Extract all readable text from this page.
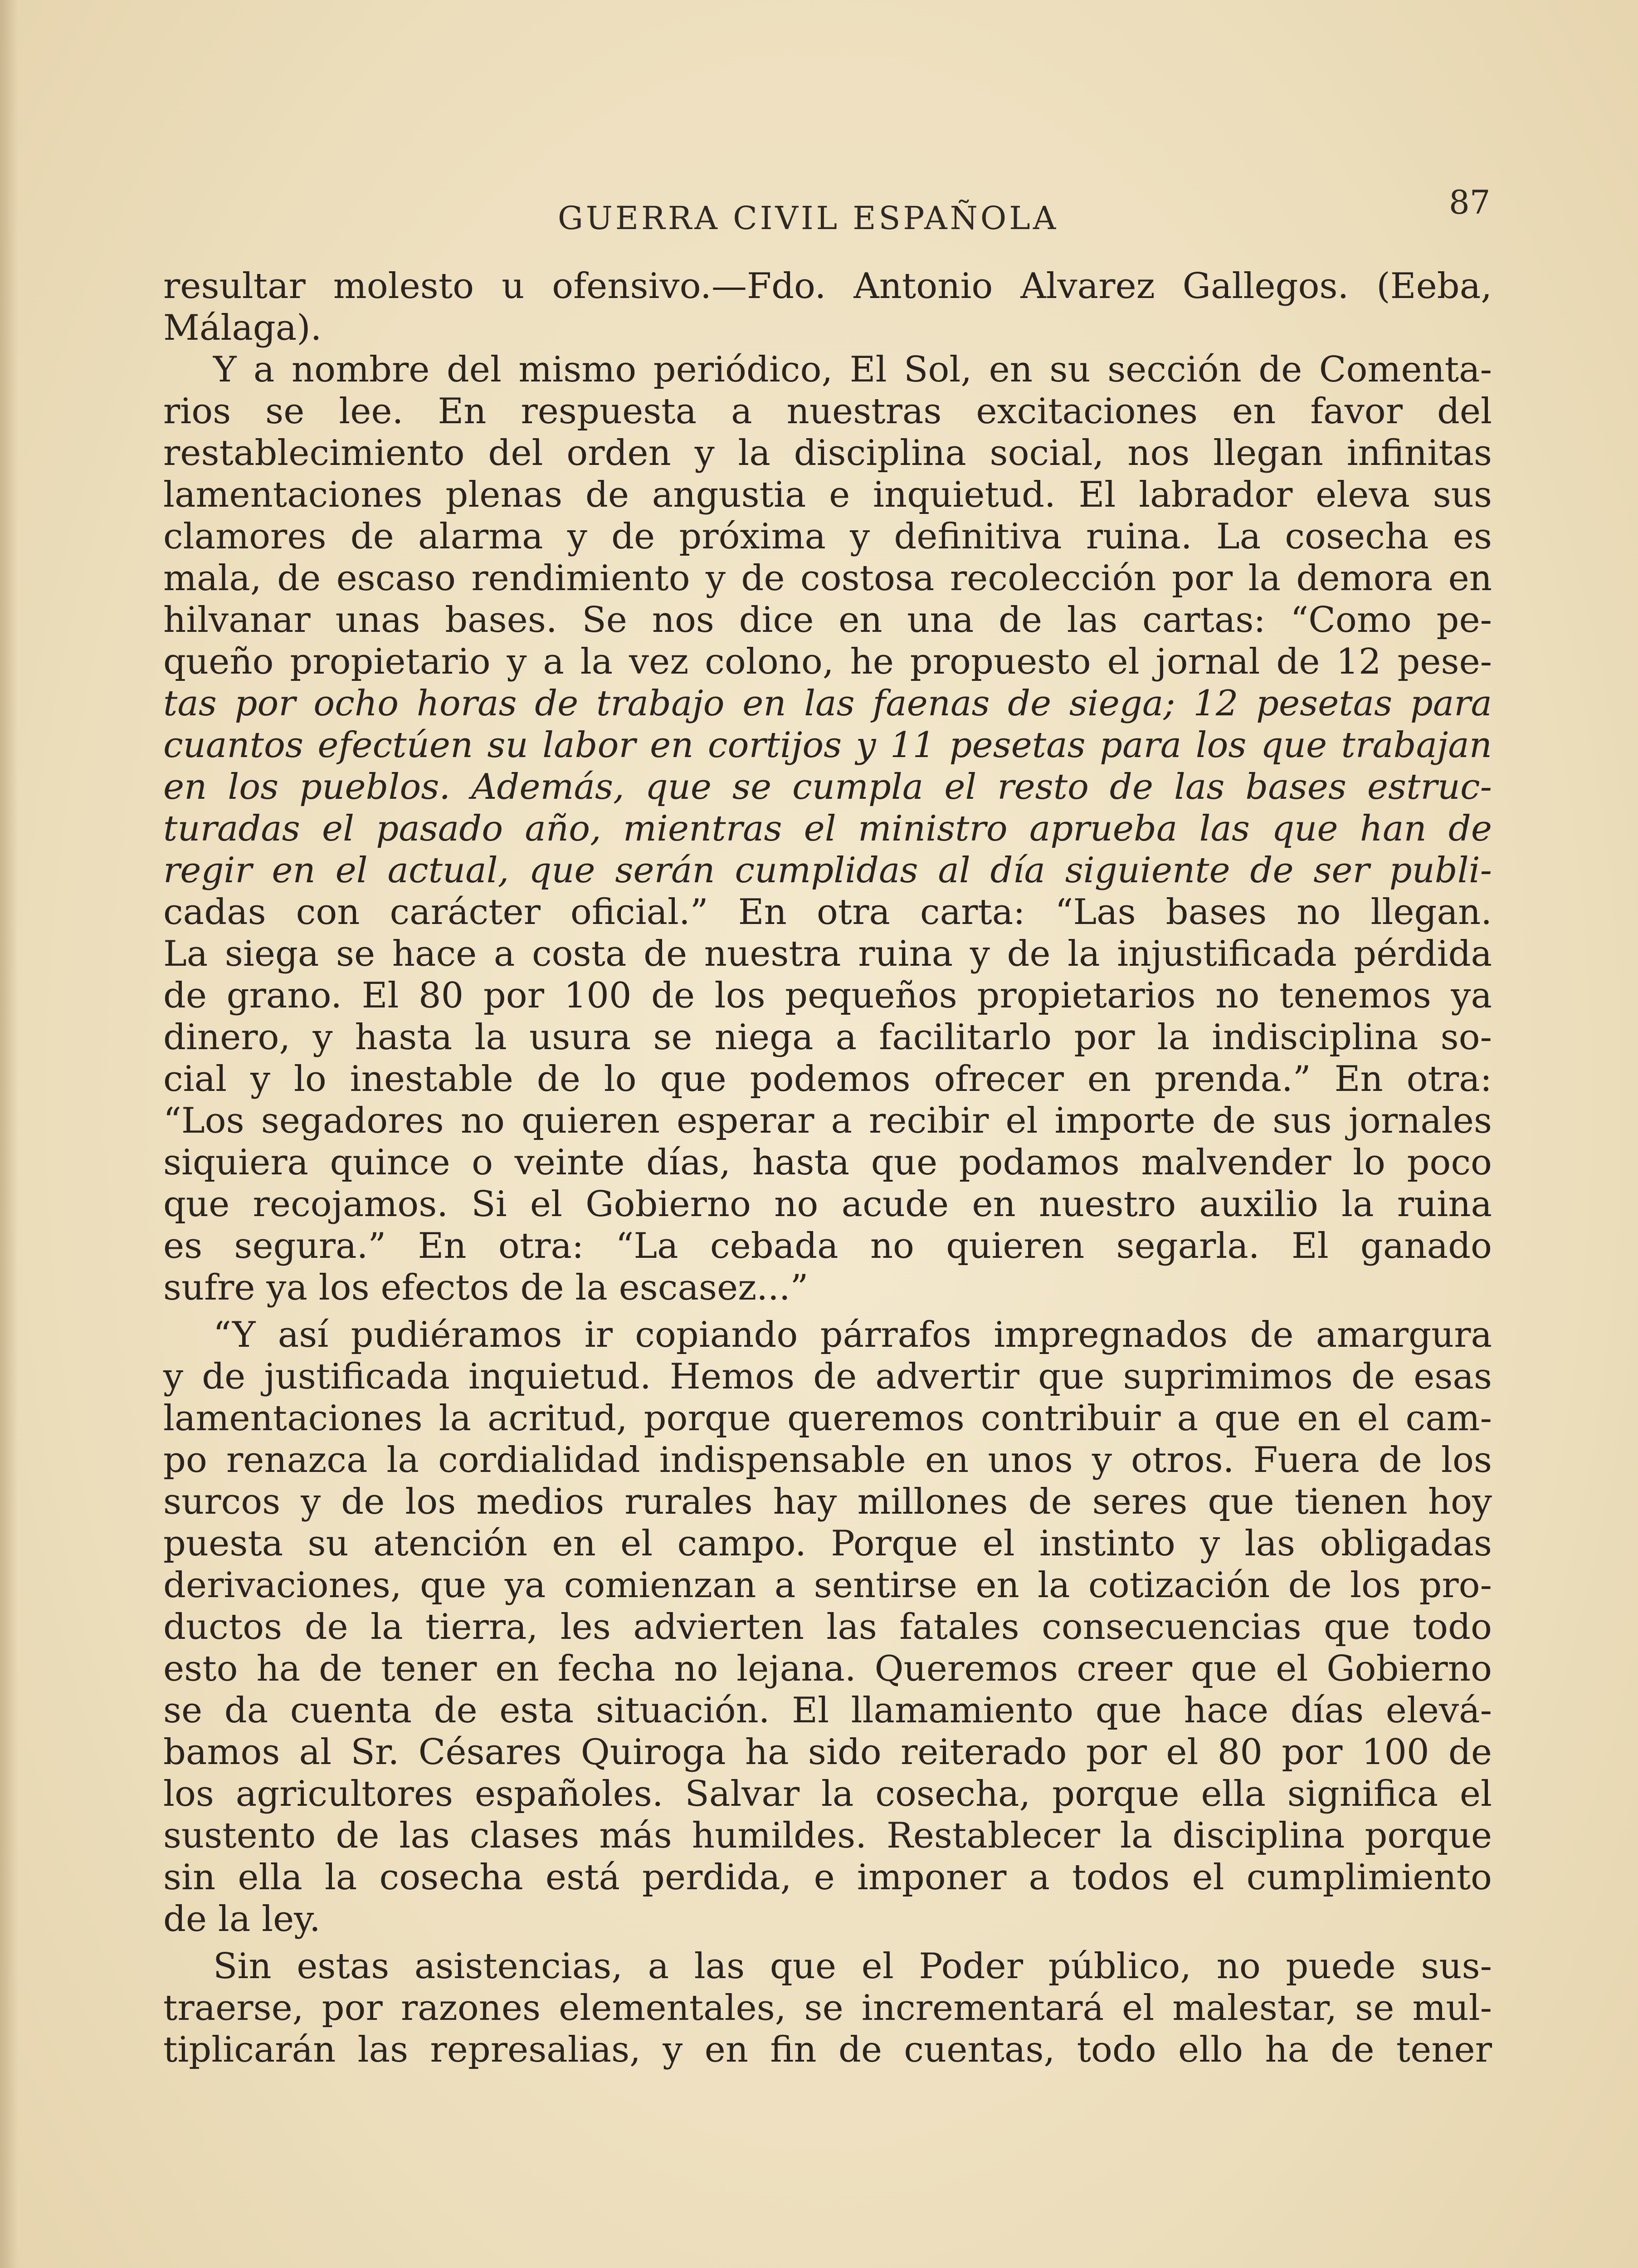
GUERRA CIVIL ESPAÑOLA	87
resultar molesto u ofensivo.—Fdo. Antonio Alvarez Gallegos. (Eeba,
Málaga).
Y a nombre del mismo periódico, El Sol, en su sección de Comenta-
rios se lee. En respuesta a nuestras excitaciones en favor del
restablecimiento del orden y la disciplina social, nos llegan infinitas
lamentaciones plenas de angustia e inquietud. El labrador eleva sus
clamores de alarma y de próxima y definitiva ruina. La cosecha es
mala, de escaso rendimiento y de costosa recolección por la demora en
hilvanar unas bases. Se nos dice en una de las cartas: “Como pe-
queño propietario y a la vez colono, he propuesto el jornal de 12 pese-
tas por ocho horas de trabajo en las faenas de siega; 12 pesetas para
cuantos efectúen su labor en cortijos y 11 pesetas para los que trabajan
en los pueblos. Además, que se cumpla el resto de las bases estruc-
turadas el pasado año, mientras el ministro aprueba las que han de
regir en el actual, que serán cumplidas al día siguiente de ser publi-
cadas con carácter oficial.” En otra carta: “Las bases no llegan.
La siega se hace a costa de nuestra ruina y de la injustificada pérdida
de grano. El 80 por 100 de los pequeños propietarios no tenemos ya
dinero, y hasta la usura se niega a facilitarlo por la indisciplina so-
cial y lo inestable de lo que podemos ofrecer en prenda.” En otra:
“Los segadores no quieren esperar a recibir el importe de sus jornales
siquiera quince o veinte días, hasta que podamos malvender lo poco
que recojamos. Si el Gobierno no acude en nuestro auxilio la ruina
es segura.” En otra: “La cebada no quieren segarla. El ganado
sufre ya los efectos de la escasez...”
“Y así pudiéramos ir copiando párrafos impregnados de amargura
y de justificada inquietud. Hemos de advertir que suprimimos de esas
lamentaciones la acritud, porque queremos contribuir a que en el cam-
po renazca la cordialidad indispensable en unos y otros. Fuera de los
surcos y de los medios rurales hay millones de seres que tienen hoy
puesta su atención en el campo. Porque el instinto y las obligadas
derivaciones, que ya comienzan a sentirse en la cotización de los pro-
ductos de la tierra, les advierten las fatales consecuencias que todo
esto ha de tener en fecha no lejana. Queremos creer que el Gobierno
se da cuenta de esta situación. El llamamiento que hace días elevá-
bamos al Sr. Césares Quiroga ha sido reiterado por el 80 por 100 de
los agricultores españoles. Salvar la cosecha, porque ella significa el
sustento de las clases más humildes. Restablecer la disciplina porque
sin ella la cosecha está perdida, e imponer a todos el cumplimiento
de la ley.
Sin estas asistencias, a las que el Poder público, no puede sus-
traerse, por razones elementales, se incrementará el malestar, se mul-
tiplicarán las represalias, y en fin de cuentas, todo ello ha de tener
